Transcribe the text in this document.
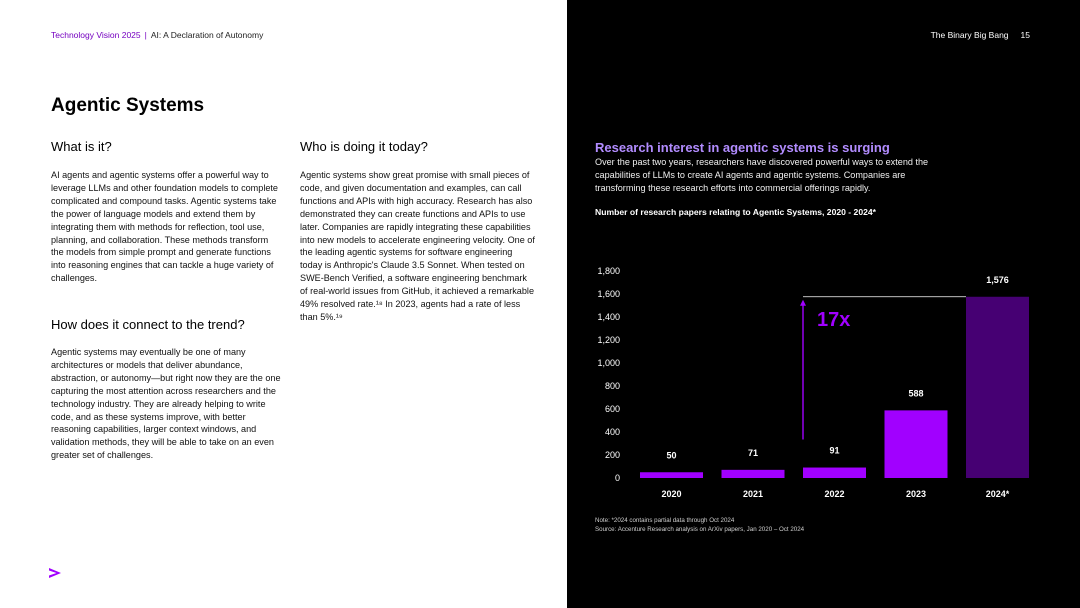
Technology Vision 2025 | AI: A Declaration of Autonomy
Agentic Systems
What is it?
AI agents and agentic systems offer a powerful way to leverage LLMs and other foundation models to complete complicated and compound tasks. Agentic systems take the power of language models and extend them by integrating them with methods for reflection, tool use, planning, and collaboration. These methods transform the models from simple prompt and generate functions into reasoning engines that can tackle a huge variety of challenges.
How does it connect to the trend?
Agentic systems may eventually be one of many architectures or models that deliver abundance, abstraction, or autonomy—but right now they are the one capturing the most attention across researchers and the technology industry. They are already helping to write code, and as these systems improve, with better reasoning capabilities, larger context windows, and validation methods, they will be able to take on an even greater set of challenges.
Who is doing it today?
Agentic systems show great promise with small pieces of code, and given documentation and examples, can call functions and APIs with high accuracy. Research has also demonstrated they can create functions and APIs to use later. Companies are rapidly integrating these capabilities into new models to accelerate engineering velocity. One of the leading agentic systems for software engineering today is Anthropic's Claude 3.5 Sonnet. When tested on SWE-Bench Verified, a software engineering benchmark of real-world issues from GitHub, it achieved a remarkable 49% resolved rate.¹⁸ In 2023, agents had a rate of less than 5%.¹⁹
The Binary Big Bang 15
Research interest in agentic systems is surging
Over the past two years, researchers have discovered powerful ways to extend the capabilities of LLMs to create AI agents and agentic systems. Companies are transforming these research efforts into commercial offerings rapidly.
Number of research papers relating to Agentic Systems, 2020 - 2024*
0
200
400
600
800
1,000
1,200
1,400
1,600
1,800
50
2020
71
2021
91
2022
588
2023
1,576
2024*
17x
Note: *2024 contains partial data through Oct 2024
Source: Accenture Research analysis on ArXiv papers, Jan 2020 – Oct 2024
